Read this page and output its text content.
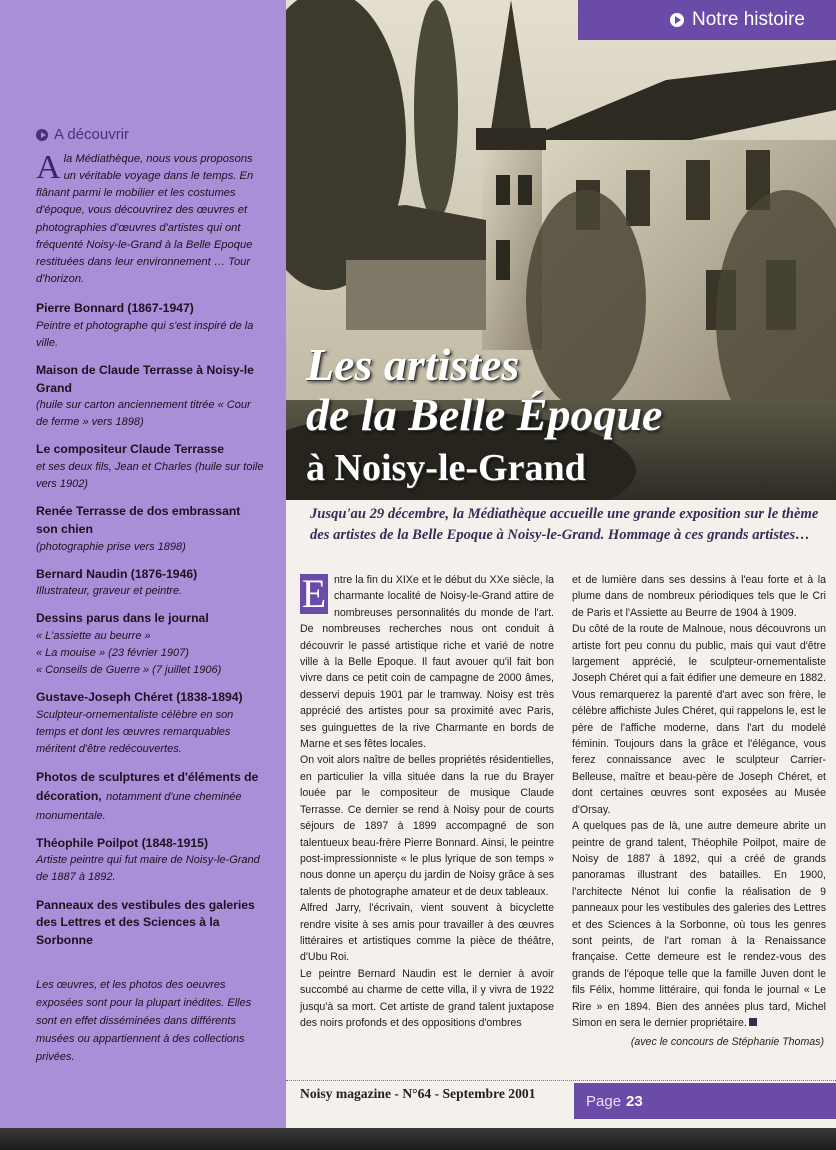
A découvrir

Ala Médiathèque, nous vous proposons un véritable voyage dans le temps. En flânant parmi le mobilier et les costumes d'époque, vous découvrirez des œuvres et photographies d'œuvres d'artistes qui ont fréquenté Noisy-le-Grand à la Belle Epoque restituées dans leur environnement … Tour d'horizon.

Pierre Bonnard (1867-1947)
Peintre et photographe qui s'est inspiré de la ville.
Maison de Claude Terrasse à Noisy-le Grand
(huile sur carton anciennement titrée « Cour de ferme » vers 1898)
Le compositeur Claude Terrasse
et ses deux fils, Jean et Charles (huile sur toile vers 1902)
Renée Terrasse de dos embrassant son chien
(photographie prise vers 1898)
Bernard Naudin (1876-1946)
Illustrateur, graveur et peintre.
Dessins parus dans le journal
« L'assiette au beurre »
« La mouise » (23 février 1907)
« Conseils de Guerre » (7 juillet 1906)
Gustave-Joseph Chéret (1838-1894)
Sculpteur-ornementaliste célèbre en son temps et dont les œuvres remarquables méritent d'être redécouvertes.
Photos de sculptures et d'éléments de décoration, notamment d'une cheminée monumentale.
Théophile Poilpot (1848-1915)
Artiste peintre qui fut maire de Noisy-le-Grand de 1887 à 1892.
Panneaux des vestibules des galeries des Lettres et des Sciences à la Sorbonne

Les œuvres, et les photos des oeuvres exposées sont pour la plupart inédites. Elles sont en effet disséminées dans différents musées ou appartiennent à des collections privées.

Notre histoire
Les artistes
de la Belle Époque
à Noisy-le-Grand

Jusqu'au 29 décembre, la Médiathèque accueille une grande exposition sur le thème des artistes de la Belle Epoque à Noisy-le-Grand. Hommage à ces grands artistes…

E ntre la fin du XIXe et le début du XXe siècle, la charmante localité de Noisy-le-Grand attire de nombreuses personnalités du monde de l'art. De nombreuses recherches nous ont conduit à découvrir le passé artistique riche et varié de notre ville à la Belle Epoque. Il faut avouer qu'il fait bon vivre dans ce petit coin de campagne de 2000 âmes, desservi depuis 1901 par le tramway. Noisy est très apprécié des artistes pour sa proximité avec Paris, ses guinguettes de la rive Charmante en bords de Marne et ses fêtes locales.

On voit alors naître de belles propriétés résidentielles, en particulier la villa située dans la rue du Brayer louée par le compositeur de musique Claude Terrasse. Ce dernier se rend à Noisy pour de courts séjours de 1897 à 1899 accompagné de son talentueux beau-frère Pierre Bonnard. Ainsi, le peintre post-impressionniste « le plus lyrique de son temps » nous donne un aperçu du jardin de Noisy grâce à ses talents de photographe amateur et de deux tableaux.

Alfred Jarry, l'écrivain, vient souvent à bicyclette rendre visite à ses amis pour travailler à des œuvres littéraires et artistiques comme la pièce de théâtre, d'Ubu Roi.

Le peintre Bernard Naudin est le dernier à avoir succombé au charme de cette villa, il y vivra de 1922 jusqu'à sa mort. Cet artiste de grand talent juxtapose des noirs profonds et des oppositions d'ombres

et de lumière dans ses dessins à l'eau forte et à la plume dans de nombreux périodiques tels que le Cri de Paris et l'Assiette au Beurre de 1904 à 1909.

Du côté de la route de Malnoue, nous découvrons un artiste fort peu connu du public, mais qui vaut d'être largement apprécié, le sculpteur-ornementaliste Joseph Chéret qui a fait édifier une demeure en 1882. Vous remarquerez la parenté d'art avec son frère, le célèbre affichiste Jules Chéret, qui rappelons le, est le père de l'affiche moderne, dans l'art du modelé féminin. Toujours dans la grâce et l'élégance, vous ferez connaissance avec le sculpteur Carrier-Belleuse, maître et beau-père de Joseph Chéret, et dont certaines œuvres sont exposées au Musée d'Orsay.

A quelques pas de là, une autre demeure abrite un peintre de grand talent, Théophile Poilpot, maire de Noisy de 1887 à 1892, qui a créé de grands panoramas illustrant des batailles. En 1900, l'architecte Nénot lui confie la réalisation de 9 panneaux pour les vestibules des galeries des Lettres et des Sciences à la Sorbonne, où tous les genres sont peints, de l'art roman à la Renaissance française. Cette demeure est le rendez-vous des grands de l'époque telle que la famille Juven dont le fils Félix, homme littéraire, qui fonda le journal « Le Rire » en 1894. Bien des années plus tard, Michel Simon en sera le dernier propriétaire.

(avec le concours de Stéphanie Thomas)

Noisy magazine - N°64 - Septembre 2001	Page 23
